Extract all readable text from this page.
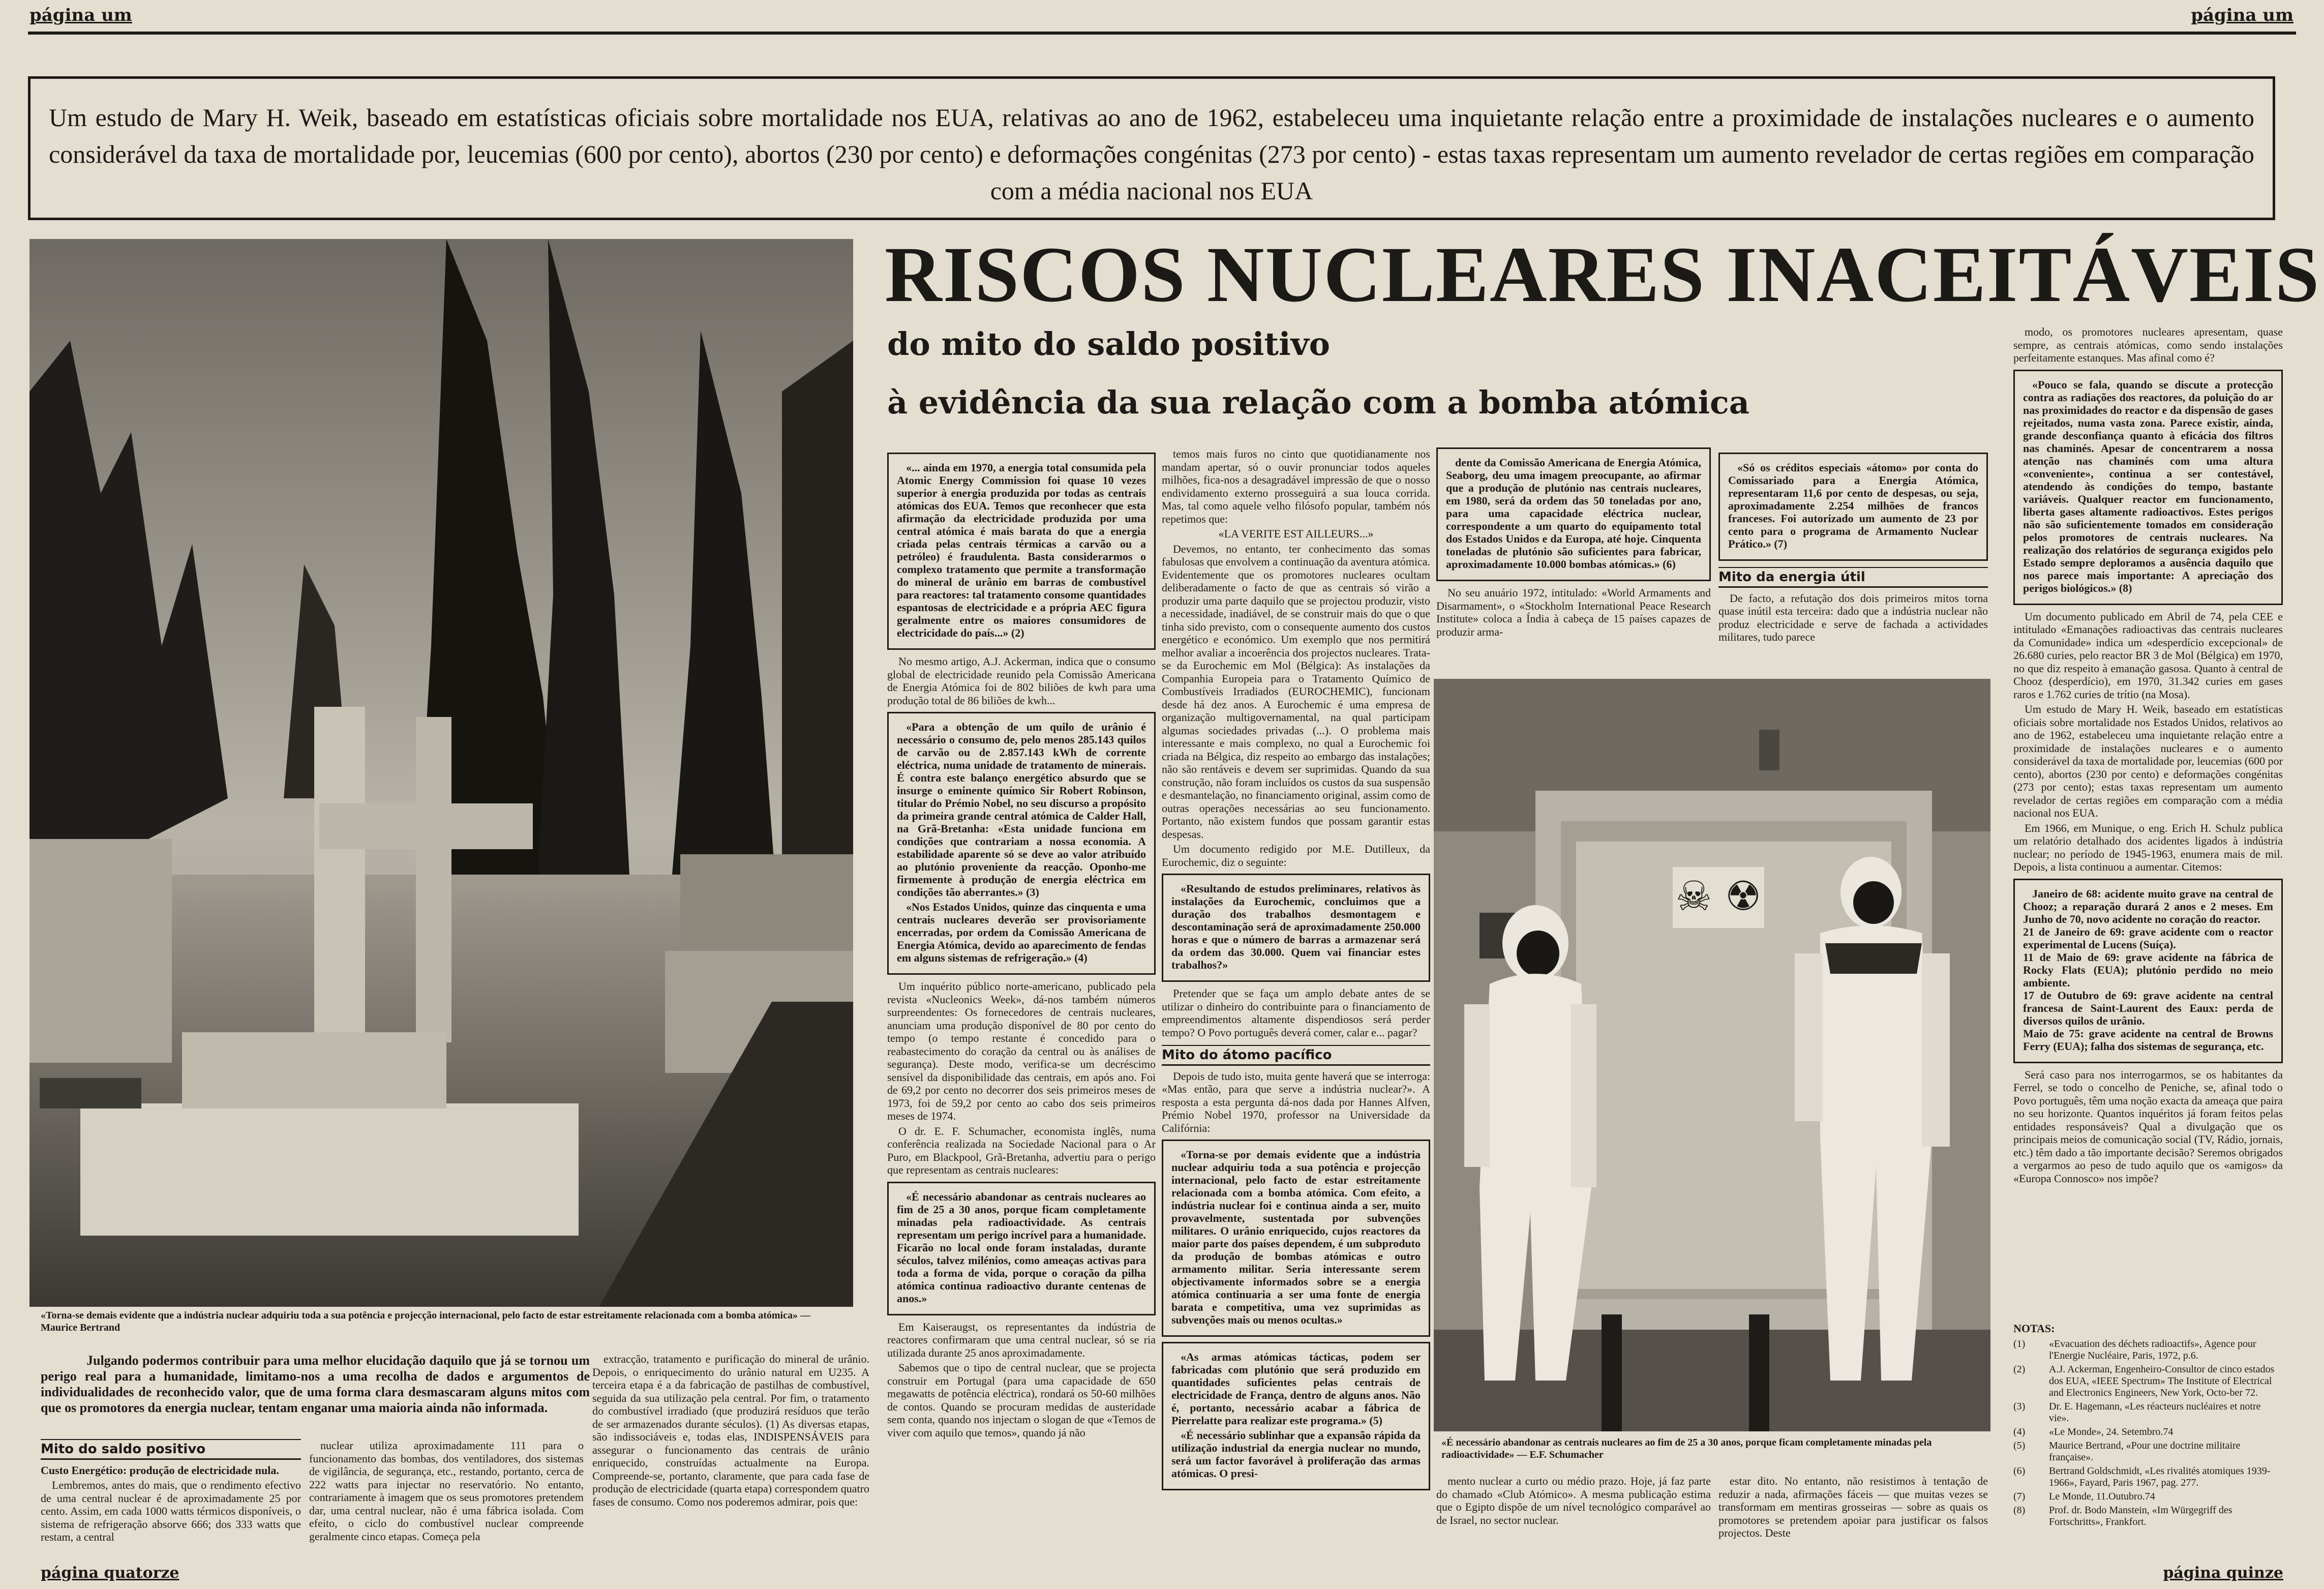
página um	página um
Um estudo de Mary H. Weik, baseado em estatísticas oficiais sobre mortalidade nos EUA, relativas ao ano de 1962, estabeleceu uma inquietante relação entre a proximidade de instalações nucleares e o aumento considerável da taxa de mortalidade por, leucemias (600 por cento), abortos (230 por cento) e deformações congénitas (273 por cento) - estas taxas representam um aumento revelador de certas regiões em comparação com a média nacional nos EUA
«Torna-se demais evidente que a indústria nuclear adquiriu toda a sua potência e projecção internacional, pelo facto de estar estreitamente relacionada com a bomba atómica» — Maurice Bertrand
Julgando podermos contribuir para uma melhor elucidação daquilo que já se tornou um perigo real para a humanidade, limitamo-nos a uma recolha de dados e argumentos de individualidades de reconhecido valor, que de uma forma clara desmascaram alguns mitos com que os promotores da energia nuclear, tentam enganar uma maioria ainda não informada.
Mito do saldo positivo

Custo Energético: produção de electricidade nula.

Lembremos, antes do mais, que o rendimento efectivo de uma central nuclear é de aproximadamente 25 por cento. Assim, em cada 1000 watts térmicos disponíveis, o sistema de refrigeração absorve 666; dos 333 watts que restam, a central

nuclear utiliza aproximadamente 111 para o funcionamento das bombas, dos ventiladores, dos sistemas de vigilância, de segurança, etc., restando, portanto, cerca de 222 watts para injectar no reservatório. No entanto, contrariamente à imagem que os seus promotores pretendem dar, uma central nuclear, não é uma fábrica isolada. Com efeito, o ciclo do combustível nuclear compreende geralmente cinco etapas. Começa pela

extracção, tratamento e purificação do mineral de urânio. Depois, o enriquecimento do urânio natural em U235. A terceira etapa é a da fabricação de pastilhas de combustível, seguida da sua utilização pela central. Por fim, o tratamento do combustível irradiado (que produzirá resíduos que terão de ser armazenados durante séculos). (1) As diversas etapas, são indissociáveis e, todas elas, INDISPENSÁVEIS para assegurar o funcionamento das centrais de urânio enriquecido, construídas actualmente na Europa. Compreende-se, portanto, claramente, que para cada fase de produção de electricidade (quarta etapa) correspondem quatro fases de consumo. Como nos poderemos admirar, pois que:

RISCOS NUCLEARES INACEITÁVEIS
do mito do saldo positivo
à evidência da sua relação com a bomba atómica

«... ainda em 1970, a energia total consumida pela Atomic Energy Commission foi quase 10 vezes superior à energia produzida por todas as centrais atómicas dos EUA. Temos que reconhecer que esta afirmação da electricidade produzida por uma central atómica é mais barata do que a energia criada pelas centrais térmicas a carvão ou a petróleo) é fraudulenta. Basta considerarmos o complexo tratamento que permite a transformação do mineral de urânio em barras de combustível para reactores: tal tratamento consome quantidades espantosas de electricidade e a própria AEC figura geralmente entre os maiores consumidores de electricidade do país...» (2)

No mesmo artigo, A.J. Ackerman, indica que o consumo global de electricidade reunido pela Comissão Americana de Energia Atómica foi de 802 biliões de kwh para uma produção total de 86 biliões de kwh...

«Para a obtenção de um quilo de urânio é necessário o consumo de, pelo menos 285.143 quilos de carvão ou de 2.857.143 kWh de corrente eléctrica, numa unidade de tratamento de minerais. É contra este balanço energético absurdo que se insurge o eminente químico Sir Robert Robinson, titular do Prémio Nobel, no seu discurso a propósito da primeira grande central atómica de Calder Hall, na Grã-Bretanha: «Esta unidade funciona em condições que contrariam a nossa economia. A estabilidade aparente só se deve ao valor atribuído ao plutónio proveniente da reacção. Oponho-me firmemente à produção de energia eléctrica em condições tão aberrantes.» (3)

«Nos Estados Unidos, quinze das cinquenta e uma centrais nucleares deverão ser provisoriamente encerradas, por ordem da Comissão Americana de Energia Atómica, devido ao aparecimento de fendas em alguns sistemas de refrigeração.» (4)

Um inquérito público norte-americano, publicado pela revista «Nucleonics Week», dá-nos também números surpreendentes: Os fornecedores de centrais nucleares, anunciam uma produção disponível de 80 por cento do tempo (o tempo restante é concedido para o reabastecimento do coração da central ou às análises de segurança). Deste modo, verifica-se um decréscimo sensível da disponibilidade das centrais, em após ano. Foi de 69,2 por cento no decorrer dos seis primeiros meses de 1973, foi de 59,2 por cento ao cabo dos seis primeiros meses de 1974.

O dr. E. F. Schumacher, economista inglês, numa conferência realizada na Sociedade Nacional para o Ar Puro, em Blackpool, Grã-Bretanha, advertiu para o perigo que representam as centrais nucleares:

«É necessário abandonar as centrais nucleares ao fim de 25 a 30 anos, porque ficam completamente minadas pela radioactividade. As centrais representam um perigo incrível para a humanidade. Ficarão no local onde foram instaladas, durante séculos, talvez milénios, como ameaças activas para toda a forma de vida, porque o coração da pilha atómica continua radioactivo durante centenas de anos.»

Em Kaiseraugst, os representantes da indústria de reactores confirmaram que uma central nuclear, só se ria utilizada durante 25 anos aproximadamente.

Sabemos que o tipo de central nuclear, que se projecta construir em Portugal (para uma capacidade de 650 megawatts de potência eléctrica), rondará os 50-60 milhões de contos. Quando se procuram medidas de austeridade sem conta, quando nos injectam o slogan de que «Temos de viver com aquilo que temos», quando já não

temos mais furos no cinto que quotidianamente nos mandam apertar, só o ouvir pronunciar todos aqueles milhões, fica-nos a desagradável impressão de que o nosso endividamento externo prosseguirá a sua louca corrida. Mas, tal como aquele velho filósofo popular, também nós repetimos que:

«LA VERITE EST AILLEURS...»

Devemos, no entanto, ter conhecimento das somas fabulosas que envolvem a continuação da aventura atómica. Evidentemente que os promotores nucleares ocultam deliberadamente o facto de que as centrais só virão a produzir uma parte daquilo que se projectou produzir, visto a necessidade, inadiável, de se construir mais do que o que tinha sido previsto, com o consequente aumento dos custos energético e económico. Um exemplo que nos permitirá melhor avaliar a incoerência dos projectos nucleares. Trata-se da Eurochemic em Mol (Bélgica): As instalações da Companhia Europeia para o Tratamento Químico de Combustíveis Irradiados (EUROCHEMIC), funcionam desde há dez anos. A Eurochemic é uma empresa de organização multigovernamental, na qual participam algumas sociedades privadas (...). O problema mais interessante e mais complexo, no qual a Eurochemic foi criada na Bélgica, diz respeito ao embargo das instalações; não são rentáveis e devem ser suprimidas. Quando da sua construção, não foram incluídos os custos da sua suspensão e desmantelação, no financiamento original, assim como de outras operações necessárias ao seu funcionamento. Portanto, não existem fundos que possam garantir estas despesas.

Um documento redigido por M.E. Dutilleux, da Eurochemic, diz o seguinte:

«Resultando de estudos preliminares, relativos às instalações da Eurochemic, concluimos que a duração dos trabalhos desmontagem e descontaminação será de aproximadamente 250.000 horas e que o número de barras a armazenar será da ordem das 30.000. Quem vai financiar estes trabalhos?»

Pretender que se faça um amplo debate antes de se utilizar o dinheiro do contribuinte para o financiamento de empreendimentos altamente dispendiosos será perder tempo? O Povo português deverá comer, calar e... pagar?

Mito do átomo pacífico

Depois de tudo isto, muita gente haverá que se interroga: «Mas então, para que serve a indústria nuclear?». A resposta a esta pergunta dá-nos dada por Hannes Alfven, Prémio Nobel 1970, professor na Universidade da Califórnia:

«Torna-se por demais evidente que a indústria nuclear adquiriu toda a sua potência e projecção internacional, pelo facto de estar estreitamente relacionada com a bomba atómica. Com efeito, a indústria nuclear foi e continua ainda a ser, muito provavelmente, sustentada por subvenções militares. O urânio enriquecido, cujos reactores da maior parte dos países dependem, é um subproduto da produção de bombas atómicas e outro armamento militar. Seria interessante serem objectivamente informados sobre se a energia atómica continuaria a ser uma fonte de energia barata e competitiva, uma vez suprimidas as subvenções mais ou menos ocultas.»

«As armas atómicas tácticas, podem ser fabricadas com plutónio que será produzido em quantidades suficientes pelas centrais de electricidade de França, dentro de alguns anos. Não é, portanto, necessário acabar a fábrica de Pierrelatte para realizar este programa.» (5)

«É necessário sublinhar que a expansão rápida da utilização industrial da energia nuclear no mundo, será um factor favorável à proliferação das armas atómicas. O presi-

dente da Comissão Americana de Energia Atómica, Seaborg, deu uma imagem preocupante, ao afirmar que a produção de plutónio nas centrais nucleares, em 1980, será da ordem das 50 toneladas por ano, para uma capacidade eléctrica nuclear, correspondente a um quarto do equipamento total dos Estados Unidos e da Europa, até hoje. Cinquenta toneladas de plutónio são suficientes para fabricar, aproximadamente 10.000 bombas atómicas.» (6)

No seu anuário 1972, intitulado: «World Armaments and Disarmament», o «Stockholm International Peace Research Institute» coloca a Índia à cabeça de 15 países capazes de produzir arma-

«Só os créditos especiais «átomo» por conta do Comissariado para a Energia Atómica, representaram 11,6 por cento de despesas, ou seja, aproximadamente 2.254 milhões de francos franceses. Foi autorizado um aumento de 23 por cento para o programa de Armamento Nuclear Prático.» (7)

Mito da energia útil

De facto, a refutação dos dois primeiros mitos torna quase inútil esta terceira: dado que a indústria nuclear não produz electricidade e serve de fachada a actividades militares, tudo parece

☠ ☢
«É necessário abandonar as centrais nucleares ao fim de 25 a 30 anos, porque ficam completamente minadas pela radioactividade» — E.F. Schumacher

mento nuclear a curto ou médio prazo. Hoje, já faz parte do chamado «Club Atómico». A mesma publicação estima que o Egipto dispõe de um nível tecnológico comparável ao de Israel, no sector nuclear.

estar dito. No entanto, não resistimos à tentação de reduzir a nada, afirmações fáceis — que muitas vezes se transformam em mentiras grosseiras — sobre as quais os promotores se pretendem apoiar para justificar os falsos projectos. Deste

modo, os promotores nucleares apresentam, quase sempre, as centrais atómicas, como sendo instalações perfeitamente estanques. Mas afinal como é?

«Pouco se fala, quando se discute a protecção contra as radiações dos reactores, da poluição do ar nas proximidades do reactor e da dispensão de gases rejeitados, numa vasta zona. Parece existir, ainda, grande desconfiança quanto à eficácia dos filtros nas chaminés. Apesar de concentrarem a nossa atenção nas chaminés com uma altura «conveniente», continua a ser contestável, atendendo às condições do tempo, bastante variáveis. Qualquer reactor em funcionamento, liberta gases altamente radioactivos. Estes perigos não são suficientemente tomados em consideração pelos promotores de centrais nucleares. Na realização dos relatórios de segurança exigidos pelo Estado sempre deploramos a ausência daquilo que nos parece mais importante: A apreciação dos perigos biológicos.» (8)

Um documento publicado em Abril de 74, pela CEE e intitulado «Emanações radioactivas das centrais nucleares da Comunidade» indica um «desperdício excepcional» de 26.680 curies, pelo reactor BR 3 de Mol (Bélgica) em 1970, no que diz respeito à emanação gasosa. Quanto à central de Chooz (desperdício), em 1970, 31.342 curies em gases raros e 1.762 curies de trítio (na Mosa).

Um estudo de Mary H. Weik, baseado em estatísticas oficiais sobre mortalidade nos Estados Unidos, relativos ao ano de 1962, estabeleceu uma inquietante relação entre a proximidade de instalações nucleares e o aumento considerável da taxa de mortalidade por, leucemias (600 por cento), abortos (230 por cento) e deformações congénitas (273 por cento); estas taxas representam um aumento revelador de certas regiões em comparação com a média nacional nos EUA.

Em 1966, em Munique, o eng. Erich H. Schulz publica um relatório detalhado dos acidentes ligados à indústria nuclear; no período de 1945-1963, enumera mais de mil. Depois, a lista continuou a aumentar. Citemos:

Janeiro de 68: acidente muito grave na central de Chooz; a reparação durará 2 anos e 2 meses. Em Junho de 70, novo acidente no coração do reactor.
21 de Janeiro de 69: grave acidente com o reactor experimental de Lucens (Suíça).
11 de Maio de 69: grave acidente na fábrica de Rocky Flats (EUA); plutónio perdido no meio ambiente.
17 de Outubro de 69: grave acidente na central francesa de Saint-Laurent des Eaux: perda de diversos quilos de urânio.
Maio de 75: grave acidente na central de Browns Ferry (EUA); falha dos sistemas de segurança, etc.

Será caso para nos interrogarmos, se os habitantes da Ferrel, se todo o concelho de Peniche, se, afinal todo o Povo português, têm uma noção exacta da ameaça que paira no seu horizonte. Quantos inquéritos já foram feitos pelas entidades responsáveis? Qual a divulgação que os principais meios de comunicação social (TV, Rádio, jornais, etc.) têm dado a tão importante decisão? Seremos obrigados a vergarmos ao peso de tudo aquilo que os «amigos» da «Europa Connosco» nos impõe?

NOTAS:
(1)	«Evacuation des déchets radioactifs», Agence pour l'Energie Nucléaire, Paris, 1972, p.6.
(2)	A.J. Ackerman, Engenheiro-Consultor de cinco estados dos EUA, «IEEE Spectrum» The Institute of Electrical and Electronics Engineers, New York, Octo-ber 72.
(3)	Dr. E. Hagemann, «Les réacteurs nucléaires et notre vie».
(4)	«Le Monde», 24. Setembro.74
(5)	Maurice Bertrand, «Pour une doctrine militaire française».
(6)	Bertrand Goldschmidt, «Les rivalités atomiques 1939-1966», Fayard, Paris 1967, pag. 277.
(7)	Le Monde, 11.Outubro.74
(8)	Prof. dr. Bodo Manstein, «Im Würgegriff des Fortschritts», Frankfort.
página quatorze	página quinze
